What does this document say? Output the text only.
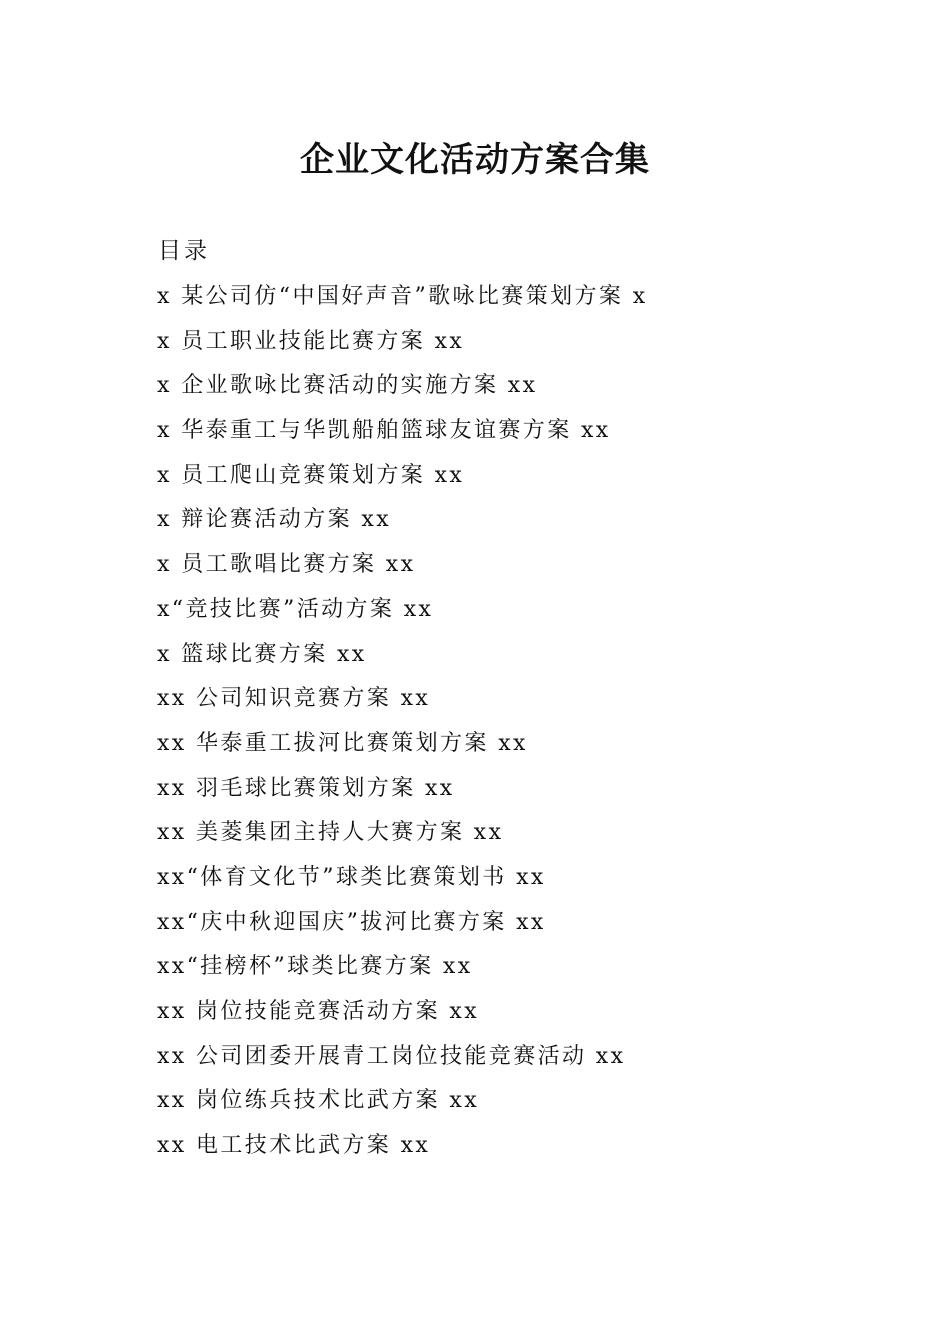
企业文化活动方案合集
目录
x 某公司仿“中国好声音”歌咏比赛策划方案 x
x 员工职业技能比赛方案 xx
x 企业歌咏比赛活动的实施方案 xx
x 华泰重工与华凯船舶篮球友谊赛方案 xx
x 员工爬山竞赛策划方案 xx
x 辩论赛活动方案 xx
x 员工歌唱比赛方案 xx
x“竞技比赛”活动方案 xx
x 篮球比赛方案 xx
xx 公司知识竞赛方案 xx
xx 华泰重工拔河比赛策划方案 xx
xx 羽毛球比赛策划方案 xx
xx 美菱集团主持人大赛方案 xx
xx“体育文化节”球类比赛策划书 xx
xx“庆中秋迎国庆”拔河比赛方案 xx
xx“挂榜杯”球类比赛方案 xx
xx 岗位技能竞赛活动方案 xx
xx 公司团委开展青工岗位技能竞赛活动 xx
xx 岗位练兵技术比武方案 xx
xx 电工技术比武方案 xx
